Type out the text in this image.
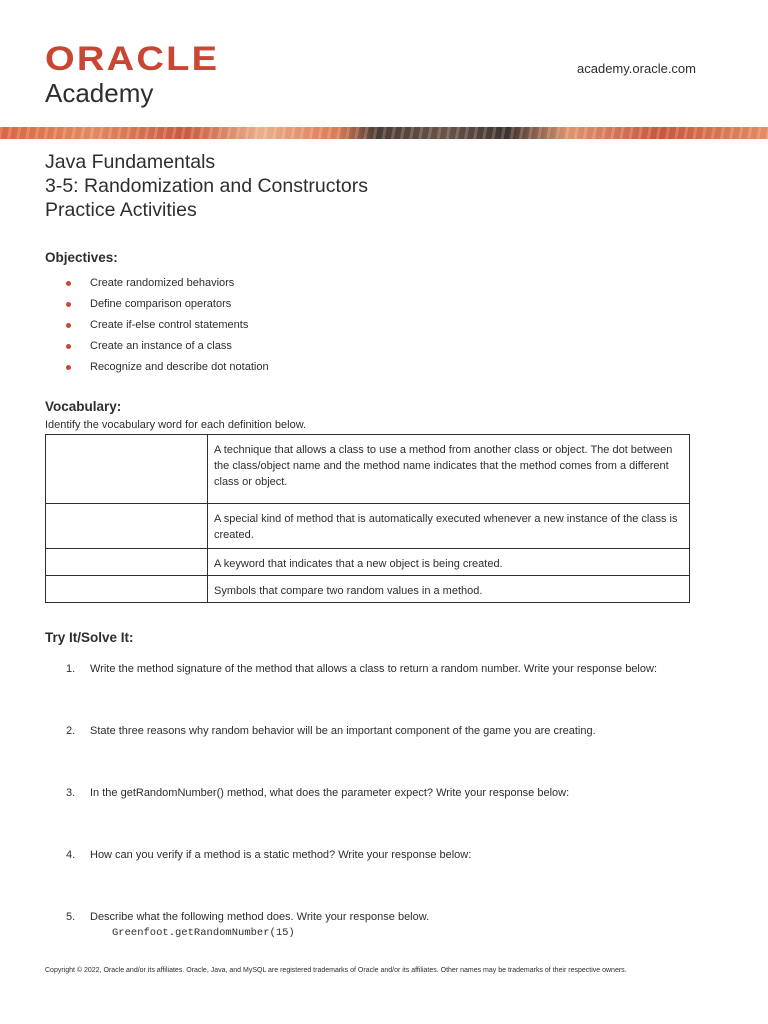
ORACLE
Academy
academy.oracle.com
Java Fundamentals
3-5: Randomization and Constructors
Practice Activities
Objectives:
Create randomized behaviors
Define comparison operators
Create if-else control statements
Create an instance of a class
Recognize and describe dot notation
Vocabulary:
Identify the vocabulary word for each definition below.
	A technique that allows a class to use a method from another class or object. The dot between the class/object name and the method name indicates that the method comes from a different class or object.
	A special kind of method that is automatically executed whenever a new instance of the class is created.
	A keyword that indicates that a new object is being created.
	Symbols that compare two random values in a method.
Try It/Solve It:
1. Write the method signature of the method that allows a class to return a random number. Write your response below:
2. State three reasons why random behavior will be an important component of the game you are creating.
3. In the getRandomNumber() method, what does the parameter expect? Write your response below:
4. How can you verify if a method is a static method? Write your response below:
5. Describe what the following method does. Write your response below.
Greenfoot.getRandomNumber(15)
Copyright © 2022, Oracle and/or its affiliates. Oracle, Java, and MySQL are registered trademarks of Oracle and/or its affiliates. Other names may be trademarks of their respective owners.
